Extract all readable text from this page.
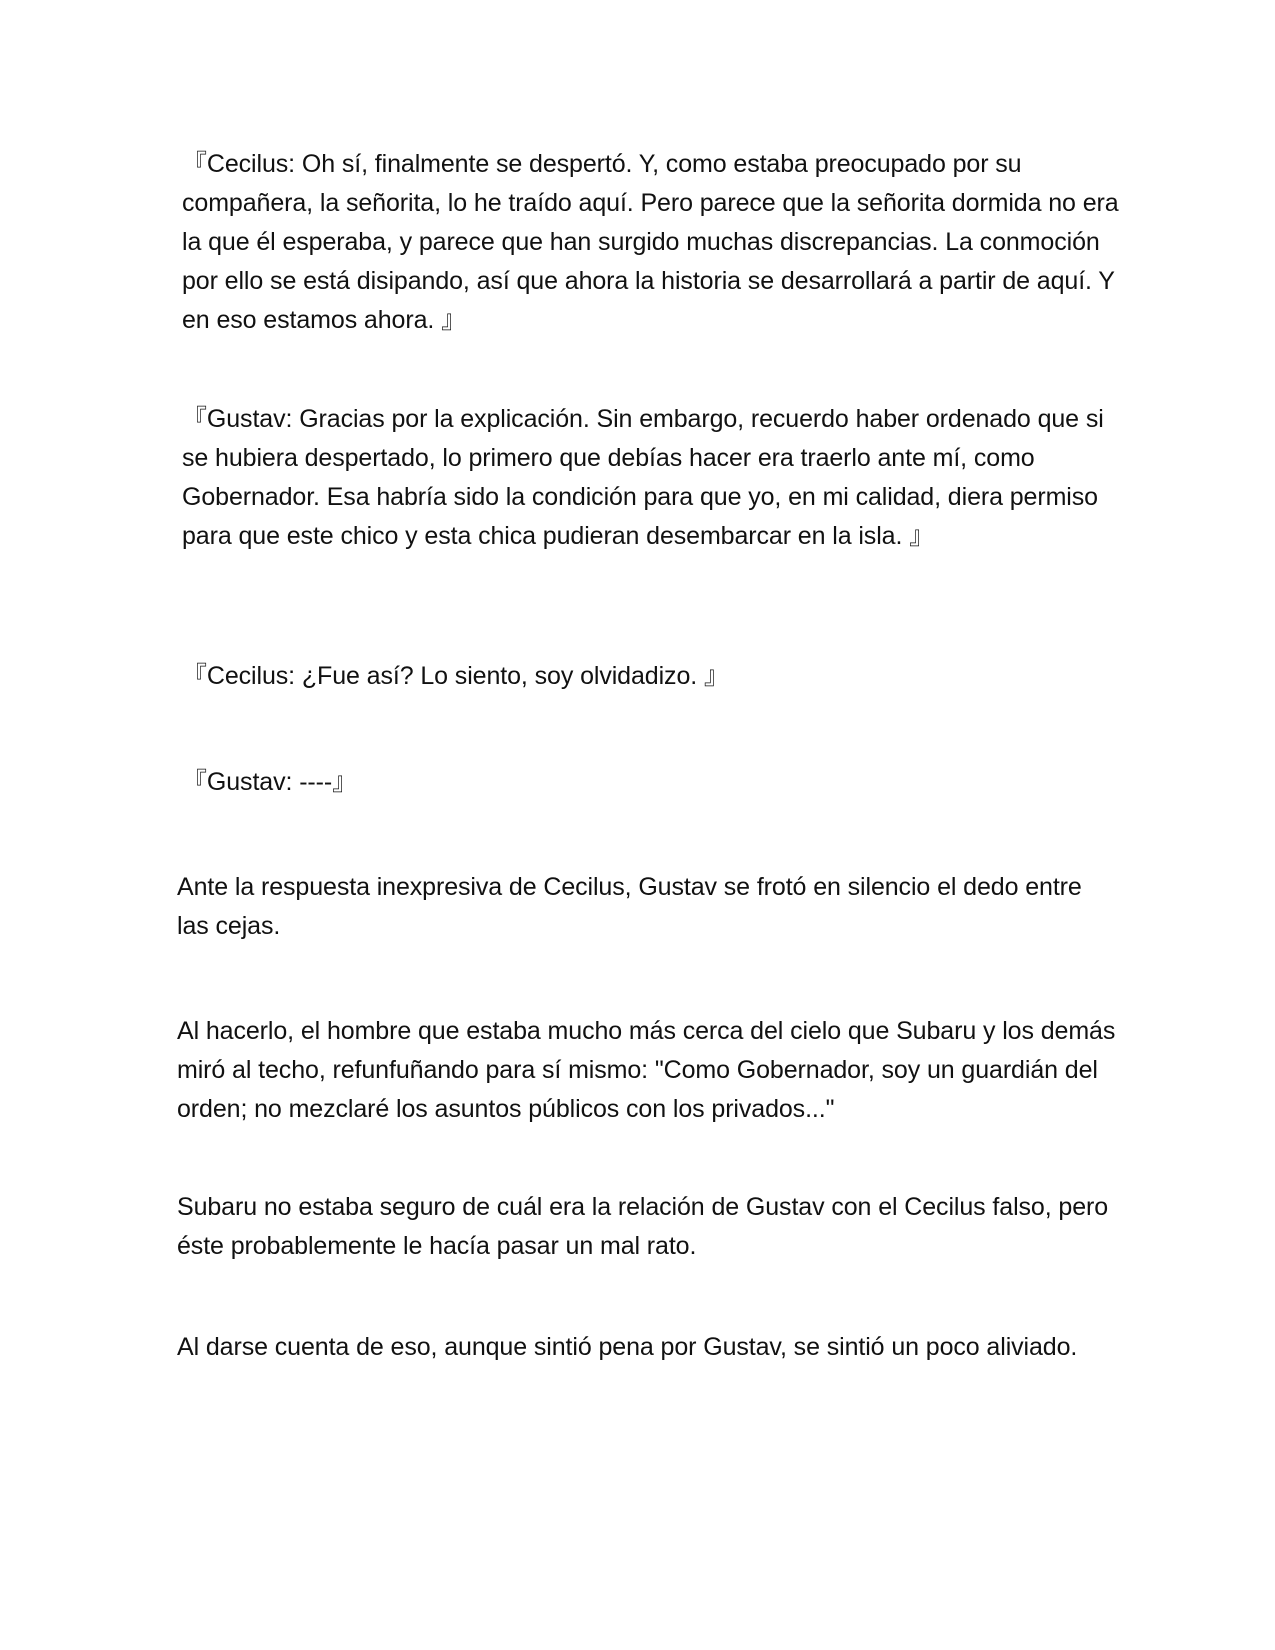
『Cecilus: Oh sí, finalmente se despertó. Y, como estaba preocupado por su compañera, la señorita, lo he traído aquí. Pero parece que la señorita dormida no era la que él esperaba, y parece que han surgido muchas discrepancias. La conmoción por ello se está disipando, así que ahora la historia se desarrollará a partir de aquí. Y en eso estamos ahora. 』

『Gustav: Gracias por la explicación. Sin embargo, recuerdo haber ordenado que si se hubiera despertado, lo primero que debías hacer era traerlo ante mí, como Gobernador. Esa habría sido la condición para que yo, en mi calidad, diera permiso para que este chico y esta chica pudieran desembarcar en la isla. 』

『Cecilus: ¿Fue así? Lo siento, soy olvidadizo. 』

『Gustav: ----』

Ante la respuesta inexpresiva de Cecilus, Gustav se frotó en silencio el dedo entre las cejas.

Al hacerlo, el hombre que estaba mucho más cerca del cielo que Subaru y los demás miró al techo, refunfuñando para sí mismo: "Como Gobernador, soy un guardián del orden; no mezclaré los asuntos públicos con los privados..."

Subaru no estaba seguro de cuál era la relación de Gustav con el Cecilus falso, pero éste probablemente le hacía pasar un mal rato.

Al darse cuenta de eso, aunque sintió pena por Gustav, se sintió un poco aliviado.
